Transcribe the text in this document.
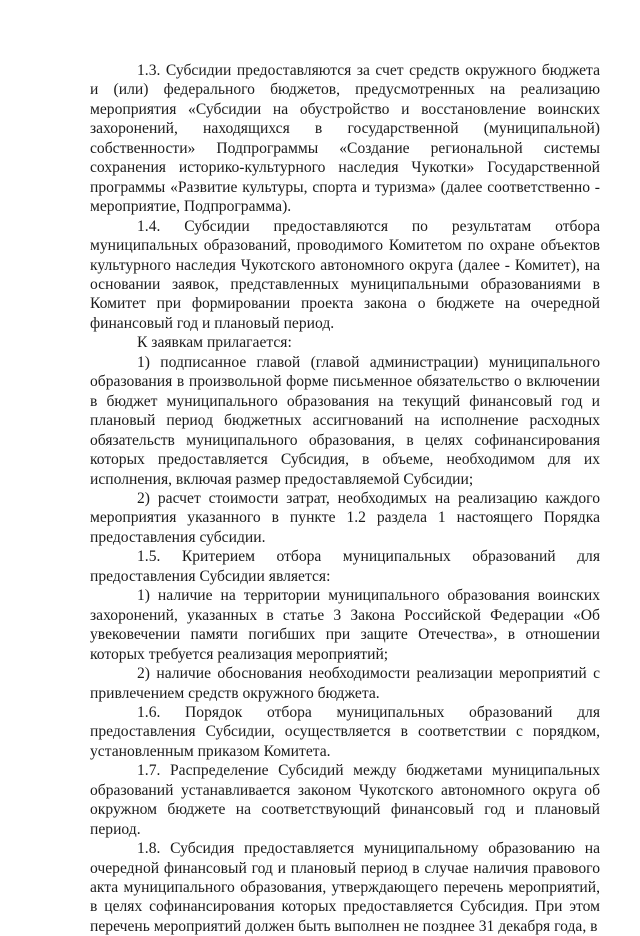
1.3. Субсидии предоставляются за счет средств окружного бюджета и (или) федерального бюджетов, предусмотренных на реализацию мероприятия «Субсидии на обустройство и восстановление воинских захоронений, находящихся в государственной (муниципальной) собственности» Подпрограммы «Создание региональной системы сохранения историко-культурного наследия Чукотки» Государственной программы «Развитие культуры, спорта и туризма» (далее соответственно - мероприятие, Подпрограмма).

1.4. Субсидии предоставляются по результатам отбора муниципальных образований, проводимого Комитетом по охране объектов культурного наследия Чукотского автономного округа (далее - Комитет), на основании заявок, представленных муниципальными образованиями в Комитет при формировании проекта закона о бюджете на очередной финансовый год и плановый период.

К заявкам прилагается:

1) подписанное главой (главой администрации) муниципального образования в произвольной форме письменное обязательство о включении в бюджет муниципального образования на текущий финансовый год и плановый период бюджетных ассигнований на исполнение расходных обязательств муниципального образования, в целях софинансирования которых предоставляется Субсидия, в объеме, необходимом для их исполнения, включая размер предоставляемой Субсидии;

2) расчет стоимости затрат, необходимых на реализацию каждого мероприятия указанного в пункте 1.2 раздела 1 настоящего Порядка предоставления субсидии.

1.5. Критерием отбора муниципальных образований для предоставления Субсидии является:

1) наличие на территории муниципального образования воинских захоронений, указанных в статье 3 Закона Российской Федерации «Об увековечении памяти погибших при защите Отечества», в отношении которых требуется реализация мероприятий;

2) наличие обоснования необходимости реализации мероприятий с привлечением средств окружного бюджета.

1.6. Порядок отбора муниципальных образований для предоставления Субсидии, осуществляется в соответствии с порядком, установленным приказом Комитета.

1.7. Распределение Субсидий между бюджетами муниципальных образований устанавливается законом Чукотского автономного округа об окружном бюджете на соответствующий финансовый год и плановый период.

1.8. Субсидия предоставляется муниципальному образованию на очередной финансовый год и плановый период в случае наличия правового акта муниципального образования, утверждающего перечень мероприятий, в целях софинансирования которых предоставляется Субсидия. При этом перечень мероприятий должен быть выполнен не позднее 31 декабря года, в
